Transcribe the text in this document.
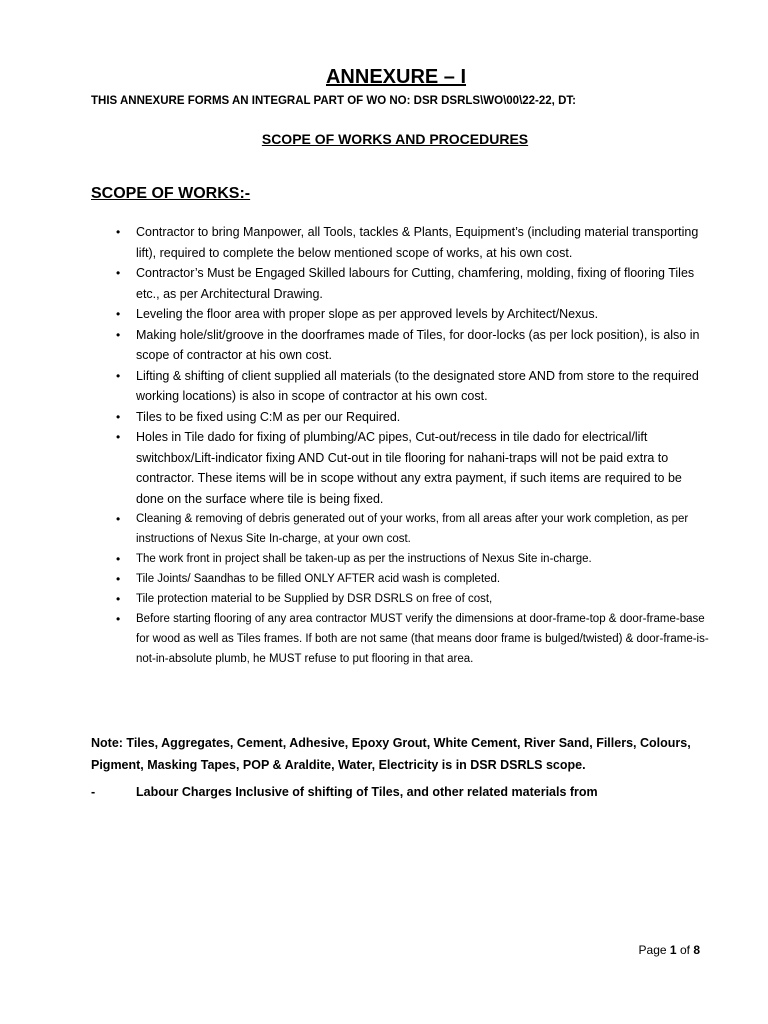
ANNEXURE – I
THIS ANNEXURE FORMS AN INTEGRAL PART OF WO NO: DSR DSRLS\WO\00\22-22, DT:
SCOPE OF WORKS AND PROCEDURES
SCOPE OF WORKS:-
• Contractor to bring Manpower, all Tools, tackles & Plants, Equipment’s (including material transporting lift), required to complete the below mentioned scope of works, at his own cost.
• Contractor’s Must be Engaged Skilled labours for Cutting, chamfering, molding, fixing of flooring Tiles etc., as per Architectural Drawing.
• Leveling the floor area with proper slope as per approved levels by Architect/Nexus.
• Making hole/slit/groove in the doorframes made of Tiles, for door-locks (as per lock position), is also in scope of contractor at his own cost.
• Lifting & shifting of client supplied all materials (to the designated store AND from store to the required working locations) is also in scope of contractor at his own cost.
• Tiles to be fixed using C:M as per our Required.
• Holes in Tile dado for fixing of plumbing/AC pipes, Cut-out/recess in tile dado for electrical/lift switchbox/Lift-indicator fixing AND Cut-out in tile flooring for nahani-traps will not be paid extra to contractor. These items will be in scope without any extra payment, if such items are required to be done on the surface where tile is being fixed.
• Cleaning & removing of debris generated out of your works, from all areas after your work completion, as per instructions of Nexus Site In-charge, at your own cost.
• The work front in project shall be taken-up as per the instructions of Nexus Site in-charge.
• Tile Joints/ Saandhas to be filled ONLY AFTER acid wash is completed.
• Tile protection material to be Supplied by DSR DSRLS on free of cost,
• Before starting flooring of any area contractor MUST verify the dimensions at door-frame-top & door-frame-base for wood as well as Tiles frames. If both are not same (that means door frame is bulged/twisted) & door-frame-is-not-in-absolute plumb, he MUST refuse to put flooring in that area.
Note: Tiles, Aggregates, Cement, Adhesive, Epoxy Grout, White Cement, River Sand, Fillers, Colours, Pigment, Masking Tapes, POP & Araldite, Water, Electricity is in DSR DSRLS scope.
-	Labour Charges Inclusive of shifting of Tiles, and other related materials from
Page 1 of 8
